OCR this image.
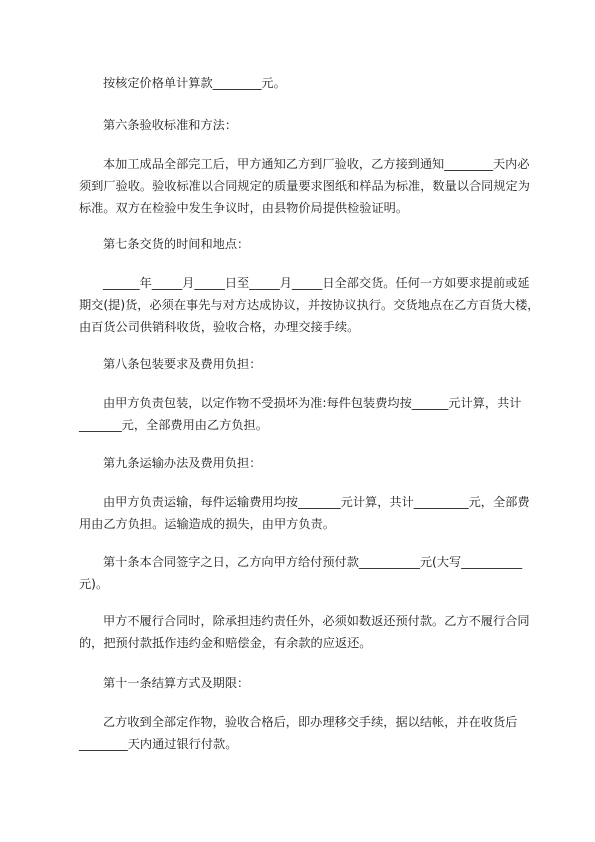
按核定价格单计算款________元。

第六条验收标准和方法：

本加工成品全部完工后，甲方通知乙方到厂验收，乙方接到通知________天内必
须到厂验收。验收标准以合同规定的质量要求图纸和样品为标准，数量以合同规定为
标准。双方在检验中发生争议时，由县物价局提供检验证明。

第七条交货的时间和地点：

______年_____月_____日至_____月_____日全部交货。任何一方如要求提前或延
期交(提)货，必须在事先与对方达成协议，并按协议执行。交货地点在乙方百货大楼，
由百货公司供销科收货，验收合格，办理交接手续。

第八条包装要求及费用负担：

由甲方负责包装，以定作物不受损坏为准:每件包装费均按______元计算，共计
_______元，全部费用由乙方负担。

第九条运输办法及费用负担：

由甲方负责运输，每件运输费用均按_______元计算，共计_________元，全部费
用由乙方负担。运输造成的损失，由甲方负责。

第十条本合同签字之日，乙方向甲方给付预付款__________元(大写__________
元)。

甲方不履行合同时，除承担违约责任外，必须如数返还预付款。乙方不履行合同
的，把预付款抵作违约金和赔偿金，有余款的应返还。

第十一条结算方式及期限：

乙方收到全部定作物，验收合格后，即办理移交手续，据以结帐，并在收货后
________天内通过银行付款。
